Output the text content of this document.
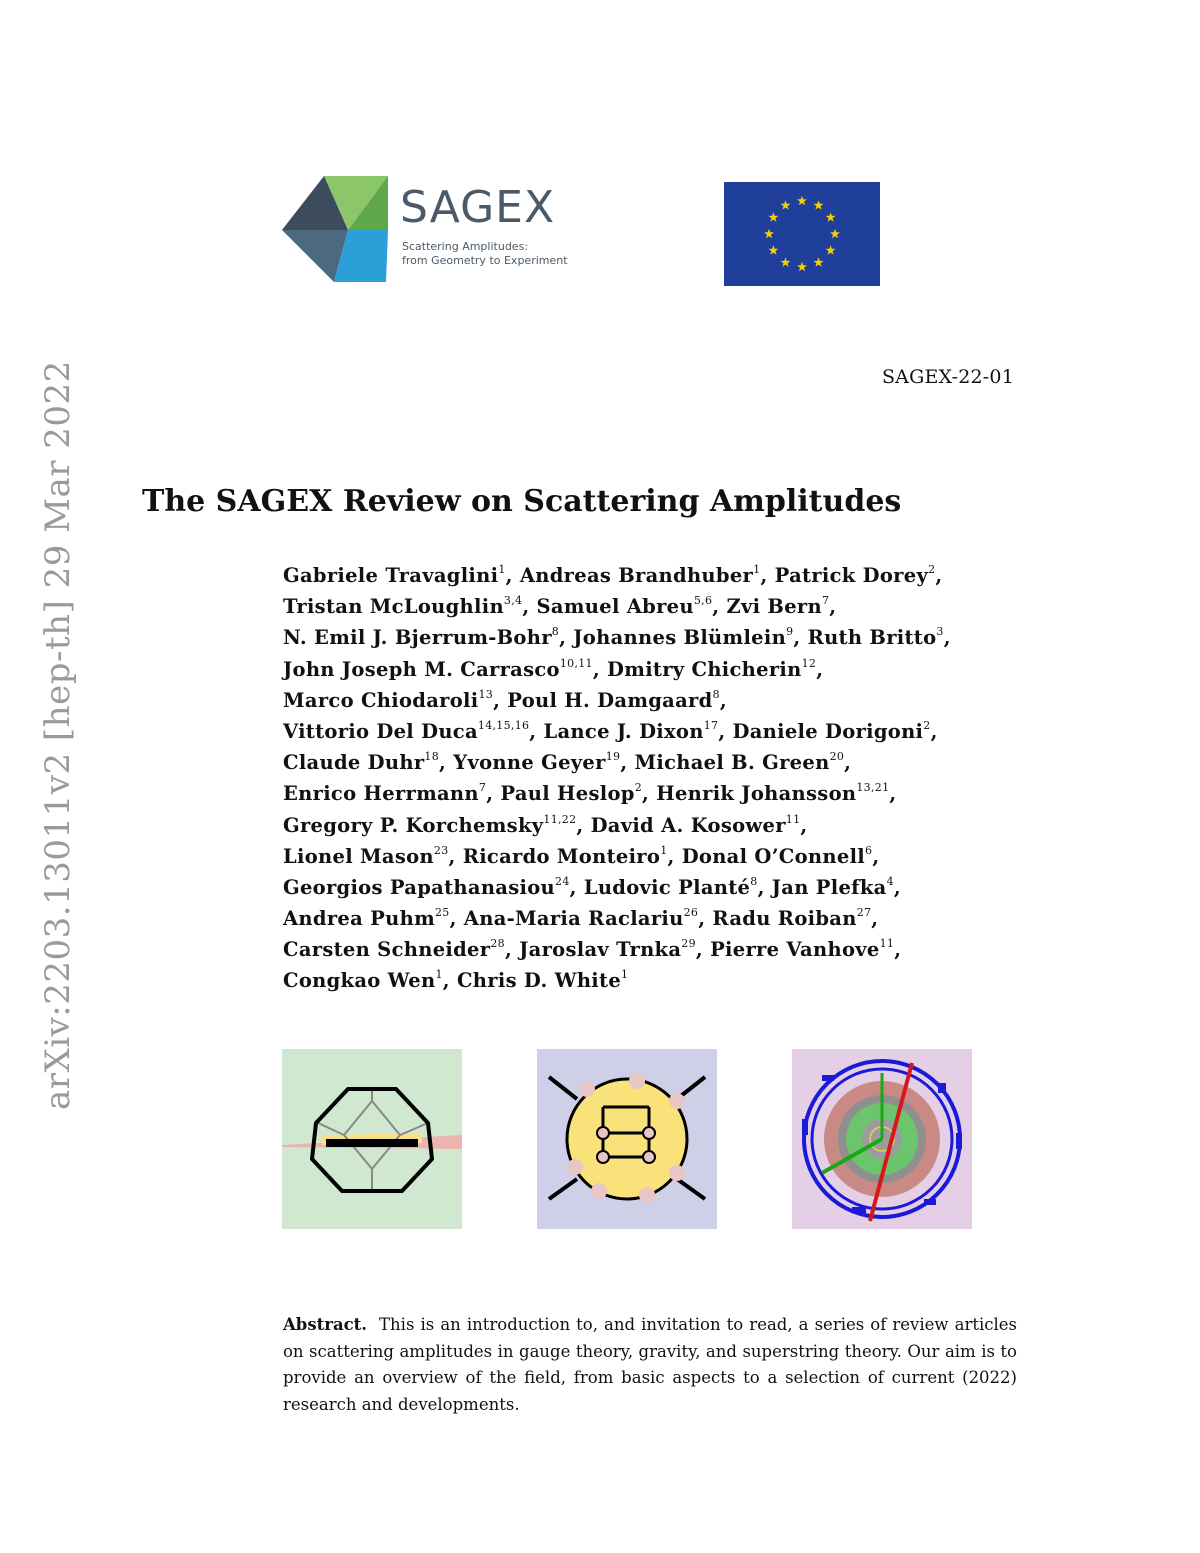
SAGEX
Scattering Amplitudes:
from Geometry to Experiment
SAGEX-22-01
arXiv:2203.13011v2 [hep-th] 29 Mar 2022 The SAGEX Review on Scattering Amplitudes
Gabriele Travaglini$^1$, Andreas Brandhuber$^1$, Patrick Dorey$^2$,
Tristan McLoughlin$^{3,4}$, Samuel Abreu$^{5,6}$, Zvi Bern$^7$,
N. Emil J. Bjerrum-Bohr$^8$, Johannes Blümlein$^9$, Ruth Britto$^3$,
John Joseph M. Carrasco$^{10,11}$, Dmitry Chicherin$^{12}$,
Marco Chiodaroli$^{13}$, Poul H. Damgaard$^8$,
Vittorio Del Duca$^{14,15,16}$, Lance J. Dixon$^{17}$, Daniele Dorigoni$^2$,
Claude Duhr$^{18}$, Yvonne Geyer$^{19}$, Michael B. Green$^{20}$,
Enrico Herrmann$^7$, Paul Heslop$^2$, Henrik Johansson$^{13,21}$,
Gregory P. Korchemsky$^{11,22}$, David A. Kosower$^{11}$,
Lionel Mason$^{23}$, Ricardo Monteiro$^1$, Donal O’Connell$^6$,
Georgios Papathanasiou$^{24}$, Ludovic Planté$^8$, Jan Plefka$^4$,
Andrea Puhm$^{25}$, Ana-Maria Raclariu$^{26}$, Radu Roiban$^{27}$,
Carsten Schneider$^{28}$, Jaroslav Trnka$^{29}$, Pierre Vanhove$^{11}$,
Congkao Wen$^1$, Chris D. White$^1$
Abstract. This is an introduction to, and invitation to read, a series of review articles on scattering amplitudes in gauge theory, gravity, and superstring theory. Our aim is to provide an overview of the field, from basic aspects to a selection of current (2022) research and developments.
